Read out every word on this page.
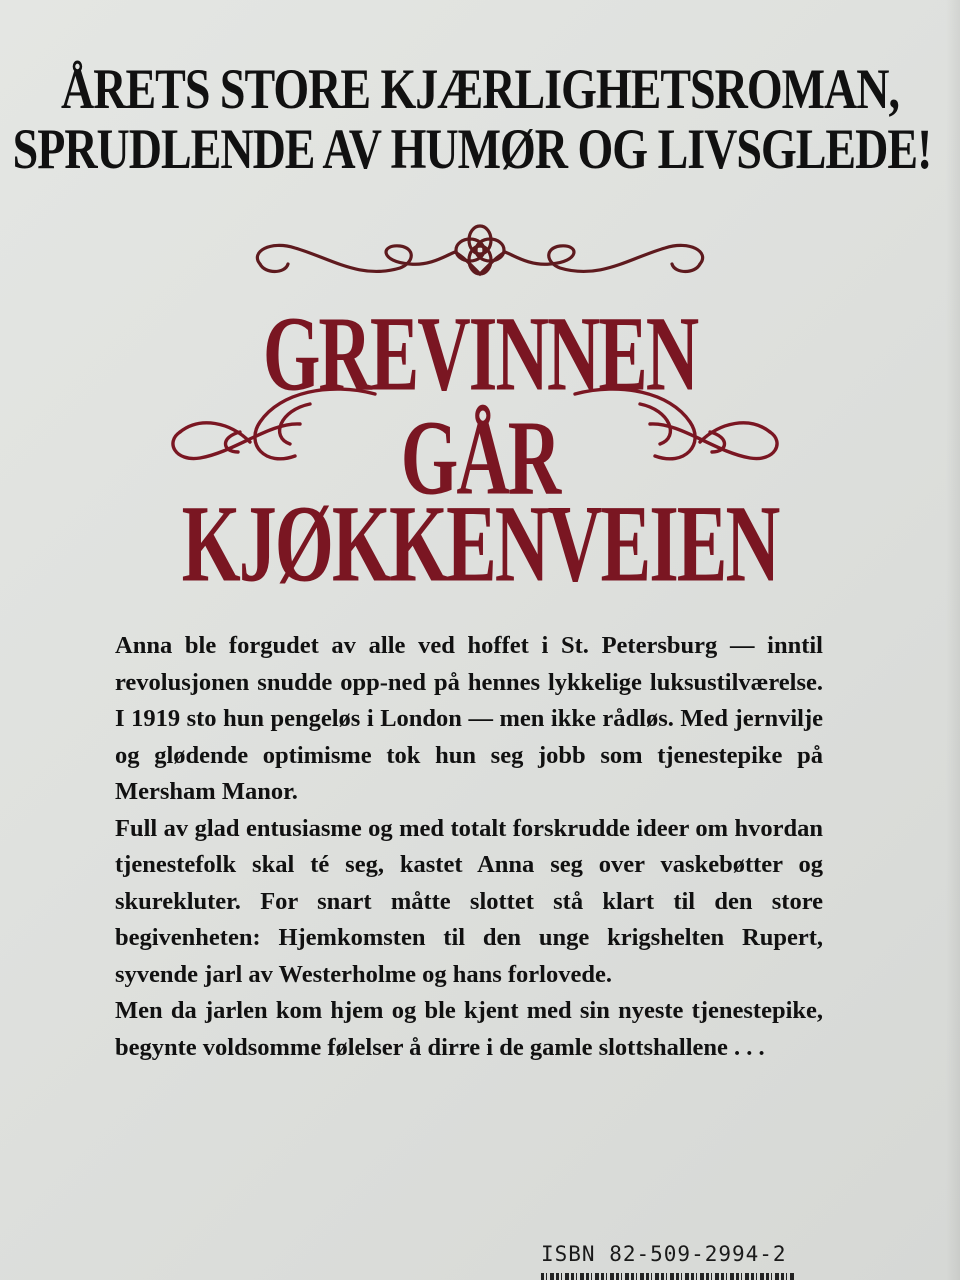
ÅRETS STORE KJÆRLIGHETSROMAN,
SPRUDLENDE AV HUMØR OG LIVSGLEDE!
GREVINNEN
GÅR
KJØKKENVEIEN

Anna ble forgudet av alle ved hoffet i St. Petersburg — inntil revolusjonen snudde opp-ned på hennes lykkelige luksustilværelse. I 1919 sto hun pengeløs i London — men ikke rådløs. Med jernvilje og glødende optimisme tok hun seg jobb som tjenestepike på Mersham Manor.

Full av glad entusiasme og med totalt forskrudde ideer om hvordan tjenestefolk skal té seg, kastet Anna seg over vaskebøtter og skurekluter. For snart måtte slottet stå klart til den store begivenheten: Hjemkomsten til den unge krigshelten Rupert, syvende jarl av Westerholme og hans forlovede.

Men da jarlen kom hjem og ble kjent med sin nyeste tjenestepike, begynte voldsomme følelser å dirre i de gamle slottshallene . . .

ISBN 82-509-2994-2
